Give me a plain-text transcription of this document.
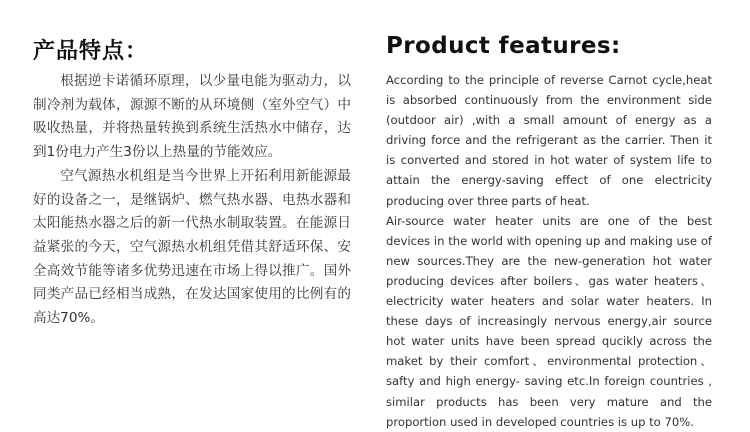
产品特点：

根据逆卡诺循环原理，以少量电能为驱动力，以制冷剂为载体，源源不断的从环境侧（室外空气）中吸收热量，并将热量转换到系统生活热水中储存，达到1份电力产生3份以上热量的节能效应。

空气源热水机组是当今世界上开拓利用新能源最好的设备之一，是继锅炉、燃气热水器、电热水器和太阳能热水器之后的新一代热水制取装置。在能源日益紧张的今天，空气源热水机组凭借其舒适环保、安全高效节能等诸多优势迅速在市场上得以推广。国外同类产品已经相当成熟，在发达国家使用的比例有的高达70%。

Product features:

According to the principle of reverse Carnot cycle,heat is absorbed continuously from the environment side (outdoor air) ,with a small amount of energy as a driving force and the refrigerant as the carrier. Then it is converted and stored in hot water of system life to attain the energy-saving effect of one electricity producing over three parts of heat.

Air-source water heater units are one of the best devices in the world with opening up and making use of new sources.They are the new-generation hot water producing devices after boilers、gas water heaters、electricity water heaters and solar water heaters. In these days of increasingly nervous energy,air source hot water units have been spread qucikly across the maket by their comfort、environmental protection、safty and high energy- saving etc.In foreign countries , similar products has been very mature and the proportion used in developed countries is up to 70%.
